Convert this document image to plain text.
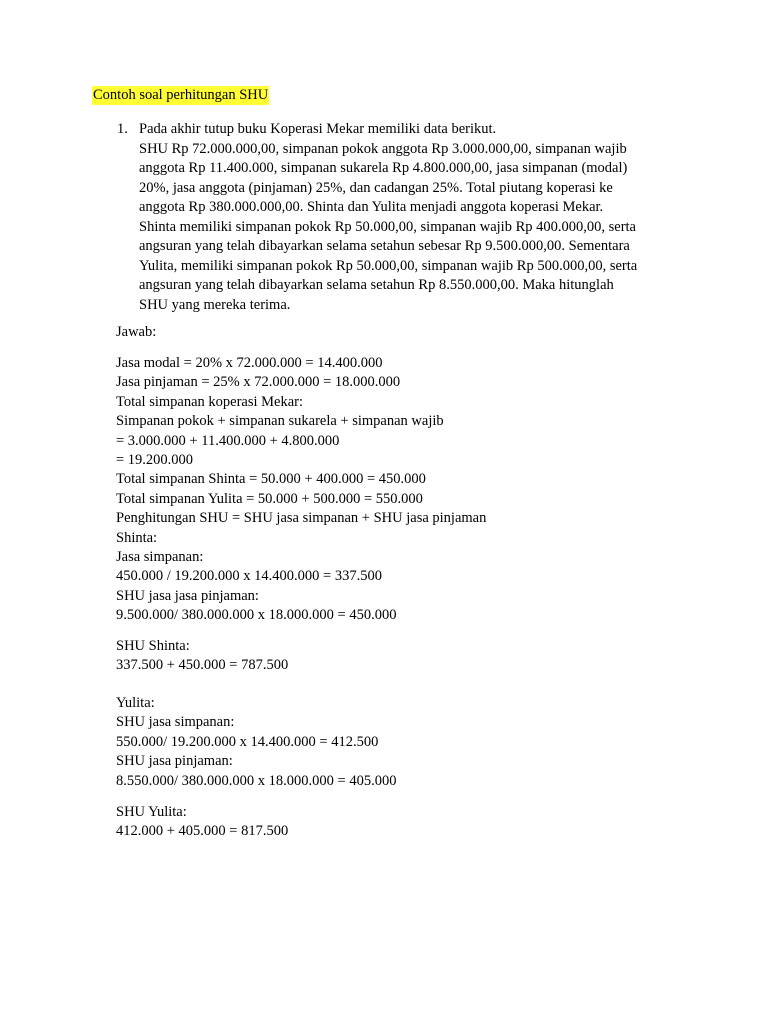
Contoh soal perhitungan SHU
1. Pada akhir tutup buku Koperasi Mekar memiliki data berikut.
SHU Rp 72.000.000,00, simpanan pokok anggota Rp 3.000.000,00, simpanan wajib
anggota Rp 11.400.000, simpanan sukarela Rp 4.800.000,00, jasa simpanan (modal)
20%, jasa anggota (pinjaman) 25%, dan cadangan 25%. Total piutang koperasi ke
anggota Rp 380.000.000,00. Shinta dan Yulita menjadi anggota koperasi Mekar.
Shinta memiliki simpanan pokok Rp 50.000,00, simpanan wajib Rp 400.000,00, serta
angsuran yang telah dibayarkan selama setahun sebesar Rp 9.500.000,00. Sementara
Yulita, memiliki simpanan pokok Rp 50.000,00, simpanan wajib Rp 500.000,00, serta
angsuran yang telah dibayarkan selama setahun Rp 8.550.000,00. Maka hitunglah
SHU yang mereka terima.
Jawab:
Jasa modal = 20% x 72.000.000 = 14.400.000
Jasa pinjaman = 25% x 72.000.000 = 18.000.000
Total simpanan koperasi Mekar:
Simpanan pokok + simpanan sukarela + simpanan wajib
= 3.000.000 + 11.400.000 + 4.800.000
= 19.200.000
Total simpanan Shinta = 50.000 + 400.000 = 450.000
Total simpanan Yulita = 50.000 + 500.000 = 550.000
Penghitungan SHU = SHU jasa simpanan + SHU jasa pinjaman
Shinta:
Jasa simpanan:
450.000 / 19.200.000 x 14.400.000 = 337.500
SHU jasa jasa pinjaman:
9.500.000/ 380.000.000 x 18.000.000 = 450.000
SHU Shinta:
337.500 + 450.000 = 787.500
Yulita:
SHU jasa simpanan:
550.000/ 19.200.000 x 14.400.000 = 412.500
SHU jasa pinjaman:
8.550.000/ 380.000.000 x 18.000.000 = 405.000
SHU Yulita:
412.000 + 405.000 = 817.500
